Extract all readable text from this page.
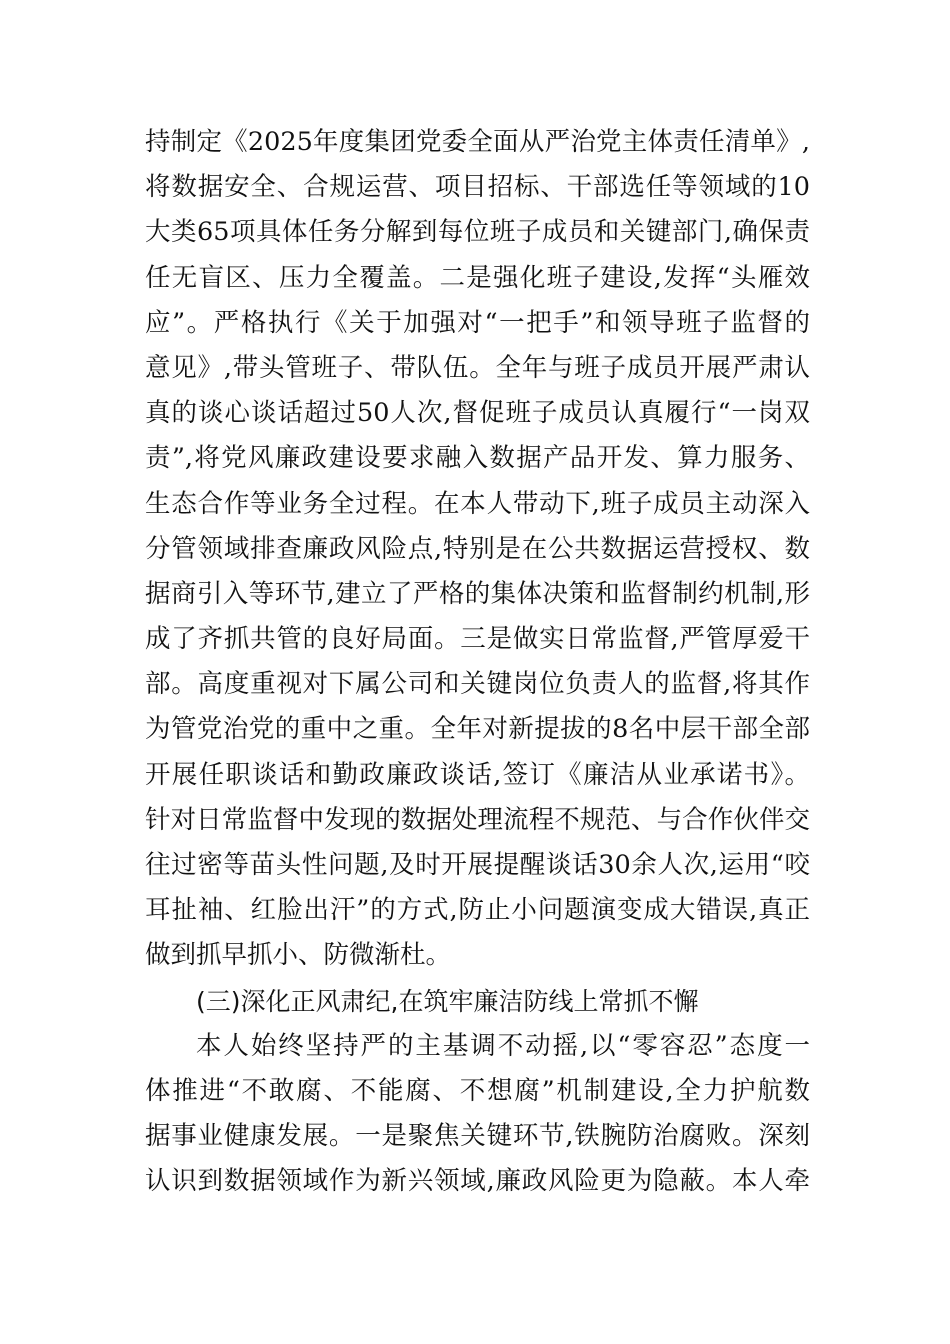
持制定《2025年度集团党委全面从严治党主体责任清单》,
将数据安全、合规运营、项目招标、干部选任等领域的10
大类65项具体任务分解到每位班子成员和关键部门,确保责
任无盲区、压力全覆盖。二是强化班子建设,发挥“头雁效
应”。严格执行《关于加强对“一把手”和领导班子监督的
意见》,带头管班子、带队伍。全年与班子成员开展严肃认
真的谈心谈话超过50人次,督促班子成员认真履行“一岗双
责”,将党风廉政建设要求融入数据产品开发、算力服务、
生态合作等业务全过程。在本人带动下,班子成员主动深入
分管领域排查廉政风险点,特别是在公共数据运营授权、数
据商引入等环节,建立了严格的集体决策和监督制约机制,形
成了齐抓共管的良好局面。三是做实日常监督,严管厚爱干
部。高度重视对下属公司和关键岗位负责人的监督,将其作
为管党治党的重中之重。全年对新提拔的8名中层干部全部
开展任职谈话和勤政廉政谈话,签订《廉洁从业承诺书》。
针对日常监督中发现的数据处理流程不规范、与合作伙伴交
往过密等苗头性问题,及时开展提醒谈话30余人次,运用“咬
耳扯袖、红脸出汗”的方式,防止小问题演变成大错误,真正
做到抓早抓小、防微渐杜。
(三)深化正风肃纪,在筑牢廉洁防线上常抓不懈
本人始终坚持严的主基调不动摇,以“零容忍”态度一
体推进“不敢腐、不能腐、不想腐”机制建设,全力护航数
据事业健康发展。一是聚焦关键环节,铁腕防治腐败。深刻
认识到数据领域作为新兴领域,廉政风险更为隐蔽。本人牵
